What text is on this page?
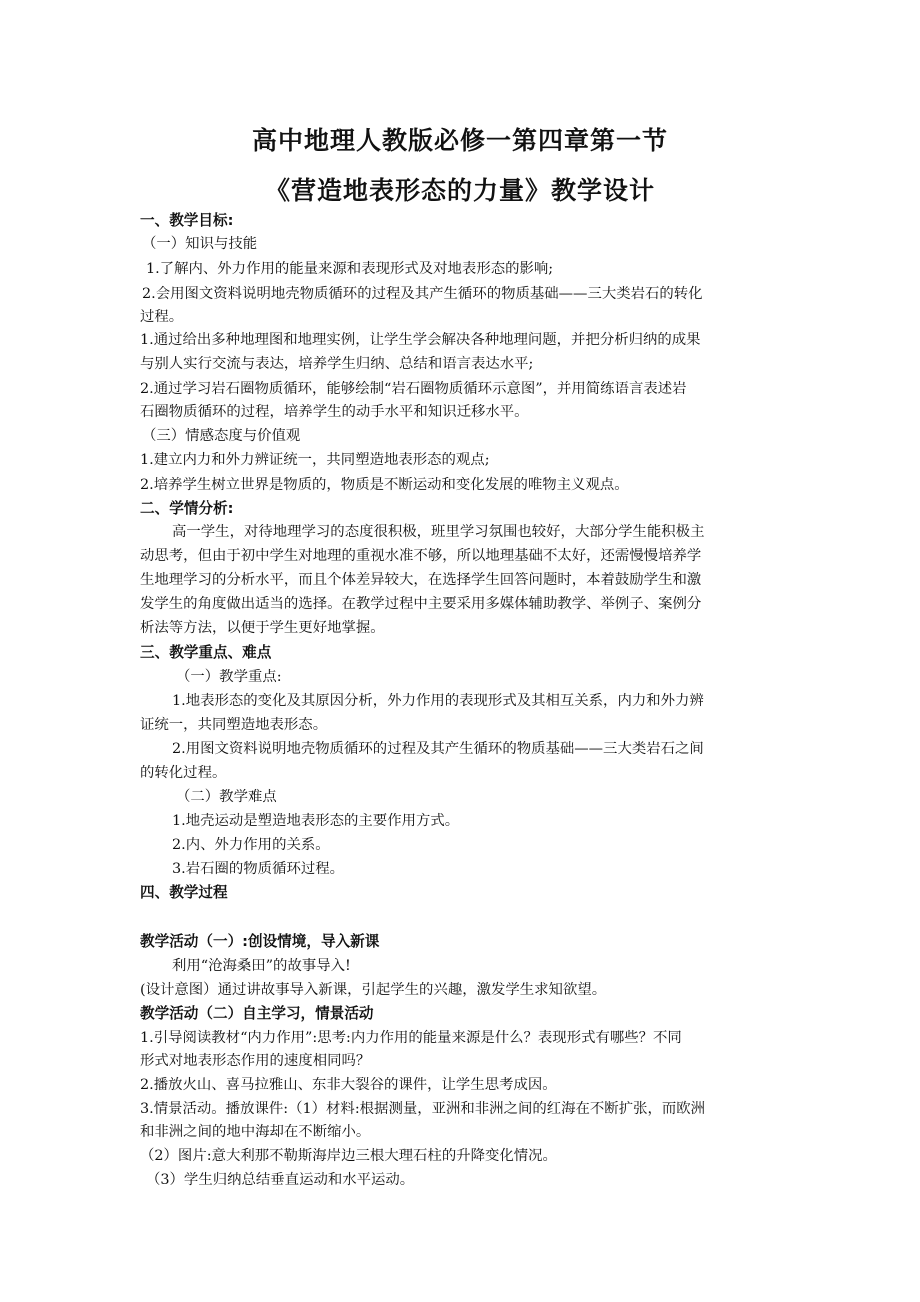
高中地理人教版必修一第四章第一节
《营造地表形态的力量》教学设计
一、教学目标:
（一）知识与技能
1.了解内、外力作用的能量来源和表现形式及对地表形态的影响;
2.会用图文资料说明地壳物质循环的过程及其产生循环的物质基础——三大类岩石的转化
过程。
1.通过给出多种地理图和地理实例，让学生学会解决各种地理问题，并把分析归纳的成果
与别人实行交流与表达，培养学生归纳、总结和语言表达水平;
2.通过学习岩石圈物质循环，能够绘制“岩石圈物质循环示意图”，并用简练语言表述岩
石圈物质循环的过程，培养学生的动手水平和知识迁移水平。
（三）情感态度与价值观
1.建立内力和外力辨证统一，共同塑造地表形态的观点;
2.培养学生树立世界是物质的，物质是不断运动和变化发展的唯物主义观点。
二、学情分析:
高一学生，对待地理学习的态度很积极，班里学习氛围也较好，大部分学生能积极主
动思考，但由于初中学生对地理的重视水准不够，所以地理基础不太好，还需慢慢培养学
生地理学习的分析水平，而且个体差异较大，在选择学生回答问题时，本着鼓励学生和激
发学生的角度做出适当的选择。在教学过程中主要采用多媒体辅助教学、举例子、案例分
析法等方法，以便于学生更好地掌握。
三、教学重点、难点
（一）教学重点:
1.地表形态的变化及其原因分析，外力作用的表现形式及其相互关系，内力和外力辨
证统一，共同塑造地表形态。
2.用图文资料说明地壳物质循环的过程及其产生循环的物质基础——三大类岩石之间
的转化过程。
（二）教学难点
1.地壳运动是塑造地表形态的主要作用方式。
2.内、外力作用的关系。
3.岩石圈的物质循环过程。
四、教学过程
教学活动（一）:创设情境，导入新课
利用“沧海桑田”的故事导入!
(设计意图）通过讲故事导入新课，引起学生的兴趣，激发学生求知欲望。
教学活动（二）自主学习，情景活动
1.引导阅读教材“内力作用”:思考:内力作用的能量来源是什么？表现形式有哪些？不同
形式对地表形态作用的速度相同吗？
2.播放火山、喜马拉雅山、东非大裂谷的课件，让学生思考成因。
3.情景活动。播放课件:（1）材料:根据测量，亚洲和非洲之间的红海在不断扩张，而欧洲
和非洲之间的地中海却在不断缩小。
（2）图片:意大利那不勒斯海岸边三根大理石柱的升降变化情况。
（3）学生归纳总结垂直运动和水平运动。
